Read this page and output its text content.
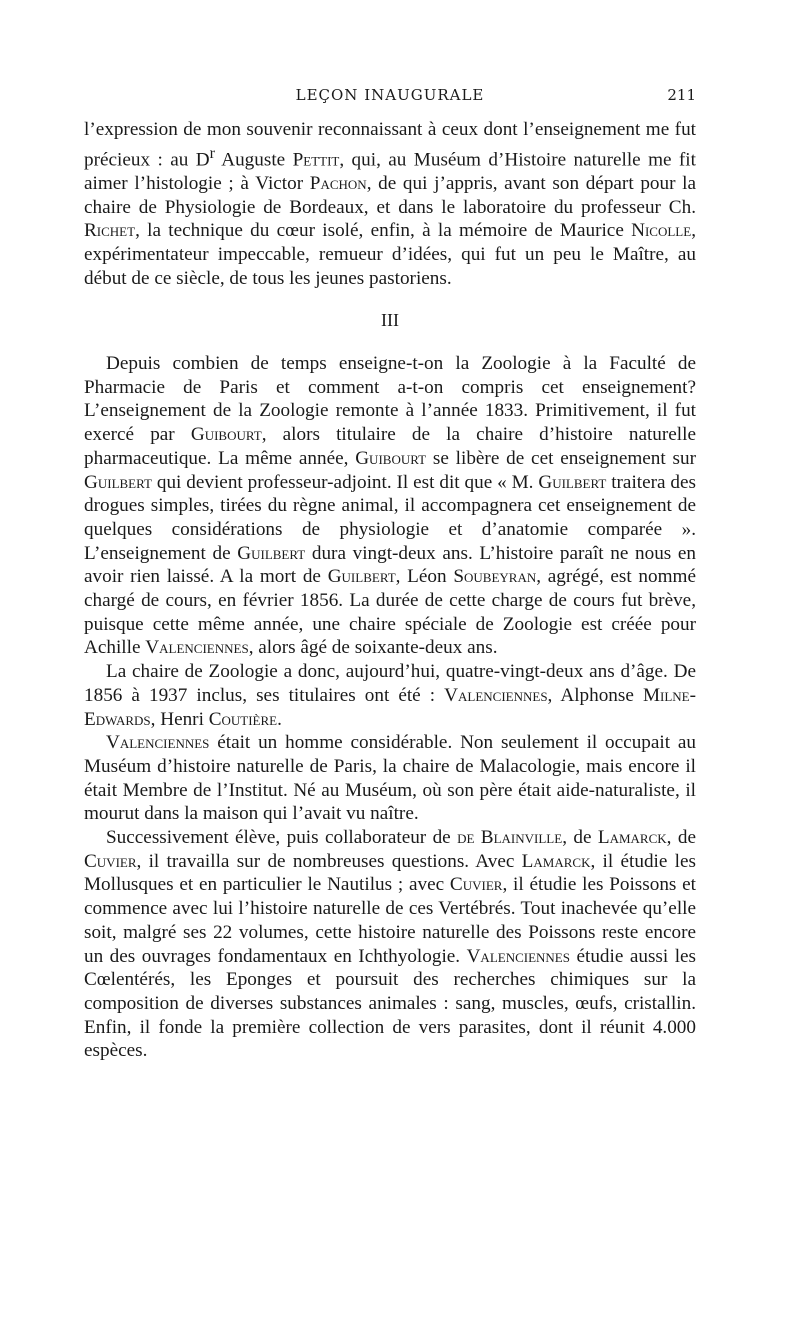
LEÇON INAUGURALE	211

l’expression de mon souvenir reconnaissant à ceux dont l’enseignement me fut précieux : au $D^r$ Auguste Pettit, qui, au Muséum d’Histoire naturelle me fit aimer l’histologie ; à Victor Pachon, de qui j’appris, avant son départ pour la chaire de Physiologie de Bordeaux, et dans le laboratoire du professeur Ch. Richet, la technique du cœur isolé, enfin, à la mémoire de Maurice Nicolle, expérimentateur impeccable, remueur d’idées, qui fut un peu le Maître, au début de ce siècle, de tous les jeunes pastoriens.

III

Depuis combien de temps enseigne-t-on la Zoologie à la Faculté de Pharmacie de Paris et comment a-t-on compris cet enseignement? L’enseignement de la Zoologie remonte à l’année 1833. Primitivement, il fut exercé par Guibourt, alors titulaire de la chaire d’histoire naturelle pharmaceutique. La même année, Guibourt se libère de cet enseignement sur Guilbert qui devient professeur-adjoint. Il est dit que « M. Guilbert traitera des drogues simples, tirées du règne animal, il accompagnera cet enseignement de quelques considérations de physiologie et d’anatomie comparée ». L’enseignement de Guilbert dura vingt-deux ans. L’histoire paraît ne nous en avoir rien laissé. A la mort de Guilbert, Léon Soubeyran, agrégé, est nommé chargé de cours, en février 1856. La durée de cette charge de cours fut brève, puisque cette même année, une chaire spéciale de Zoologie est créée pour Achille Valenciennes, alors âgé de soixante-deux ans.

La chaire de Zoologie a donc, aujourd’hui, quatre-vingt-deux ans d’âge. De 1856 à 1937 inclus, ses titulaires ont été : Valenciennes, Alphonse Milne-Edwards, Henri Coutière.

Valenciennes était un homme considérable. Non seulement il occupait au Muséum d’histoire naturelle de Paris, la chaire de Malacologie, mais encore il était Membre de l’Institut. Né au Muséum, où son père était aide-naturaliste, il mourut dans la maison qui l’avait vu naître.

Successivement élève, puis collaborateur de de Blainville, de Lamarck, de Cuvier, il travailla sur de nombreuses questions. Avec Lamarck, il étudie les Mollusques et en particulier le Nautilus ; avec Cuvier, il étudie les Poissons et commence avec lui l’histoire naturelle de ces Vertébrés. Tout inachevée qu’elle soit, malgré ses 22 volumes, cette histoire naturelle des Poissons reste encore un des ouvrages fondamentaux en Ichthyologie. Valenciennes étudie aussi les Cœlentérés, les Eponges et poursuit des recherches chimiques sur la composition de diverses substances animales : sang, muscles, œufs, cristallin. Enfin, il fonde la première collection de vers parasites, dont il réunit 4.000 espèces.
